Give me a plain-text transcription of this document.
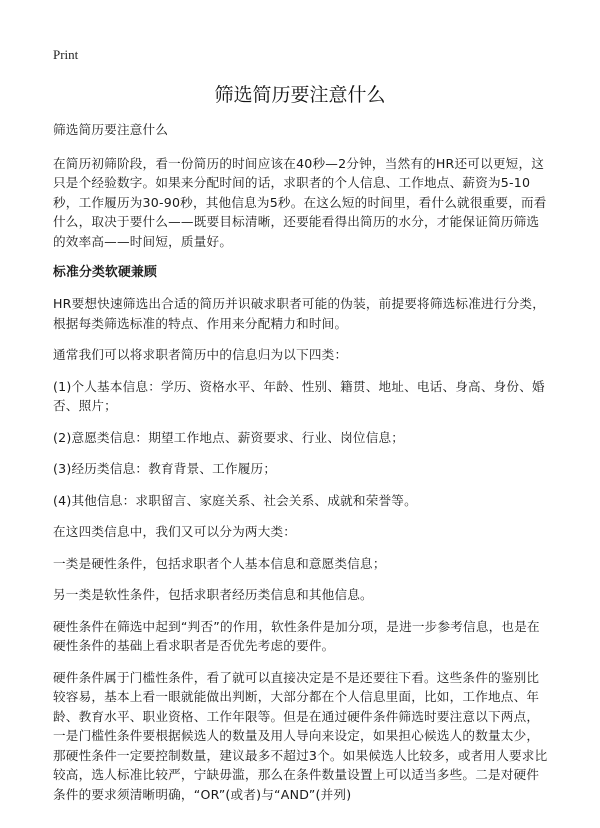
Print
筛选简历要注意什么

筛选简历要注意什么

在简历初筛阶段，看一份简历的时间应该在40秒—2分钟，当然有的HR还可以更短，这只是个经验数字。如果来分配时间的话，求职者的个人信息、工作地点、薪资为5-10秒，工作履历为30-90秒，其他信息为5秒。在这么短的时间里，看什么就很重要，而看什么，取决于要什么——既要目标清晰，还要能看得出简历的水分，才能保证简历筛选的效率高——时间短，质量好。

标准分类软硬兼顾

HR要想快速筛选出合适的简历并识破求职者可能的伪装，前提要将筛选标准进行分类，根据每类筛选标准的特点、作用来分配精力和时间。

通常我们可以将求职者简历中的信息归为以下四类：

(1)个人基本信息：学历、资格水平、年龄、性别、籍贯、地址、电话、身高、身份、婚否、照片；

(2)意愿类信息：期望工作地点、薪资要求、行业、岗位信息；

(3)经历类信息：教育背景、工作履历；

(4)其他信息：求职留言、家庭关系、社会关系、成就和荣誉等。

在这四类信息中，我们又可以分为两大类：

一类是硬性条件，包括求职者个人基本信息和意愿类信息；

另一类是软性条件，包括求职者经历类信息和其他信息。

硬性条件在筛选中起到“判否”的作用，软性条件是加分项，是进一步参考信息，也是在硬性条件的基础上看求职者是否优先考虑的要件。

硬件条件属于门槛性条件，看了就可以直接决定是不是还要往下看。这些条件的鉴别比较容易，基本上看一眼就能做出判断，大部分都在个人信息里面，比如，工作地点、年龄、教育水平、职业资格、工作年限等。但是在通过硬件条件筛选时要注意以下两点，一是门槛性条件要根据候选人的数量及用人导向来设定，如果担心候选人的数量太少，那硬性条件一定要控制数量，建议最多不超过3个。如果候选人比较多，或者用人要求比较高，选人标准比较严，宁缺毋滥，那么在条件数量设置上可以适当多些。二是对硬件条件的要求须清晰明确，“OR”(或者)与“AND”(并列)
